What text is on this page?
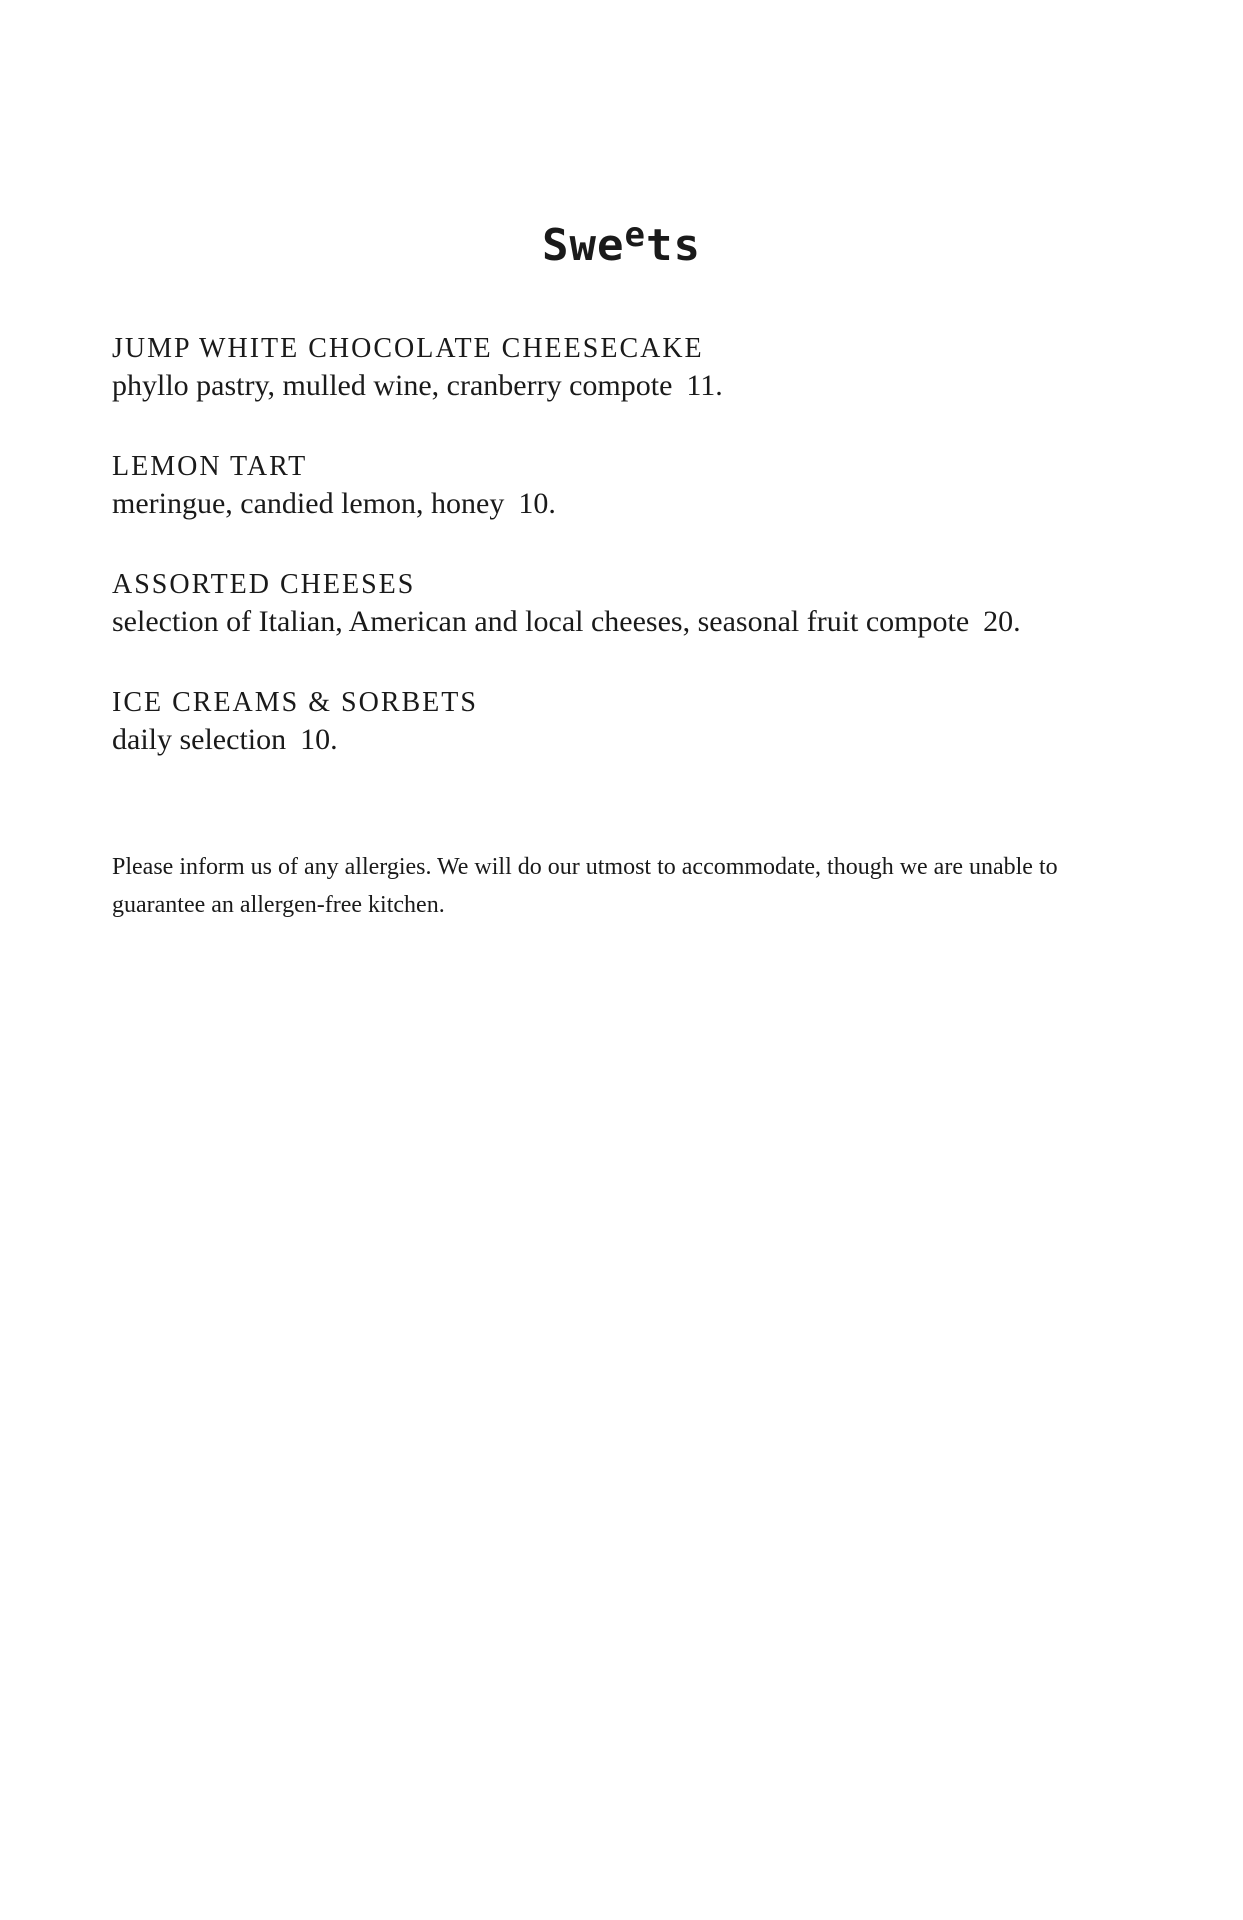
Swe$^e$ts
JUMP WHITE CHOCOLATE CHEESECAKE
phyllo pastry, mulled wine, cranberry compote 11.
LEMON TART
meringue, candied lemon, honey 10.
ASSORTED CHEESES
selection of Italian, American and local cheeses, seasonal fruit compote 20.
ICE CREAMS & SORBETS
daily selection 10.

Please inform us of any allergies. We will do our utmost to accommodate, though we are unable to guarantee an allergen-free kitchen.
